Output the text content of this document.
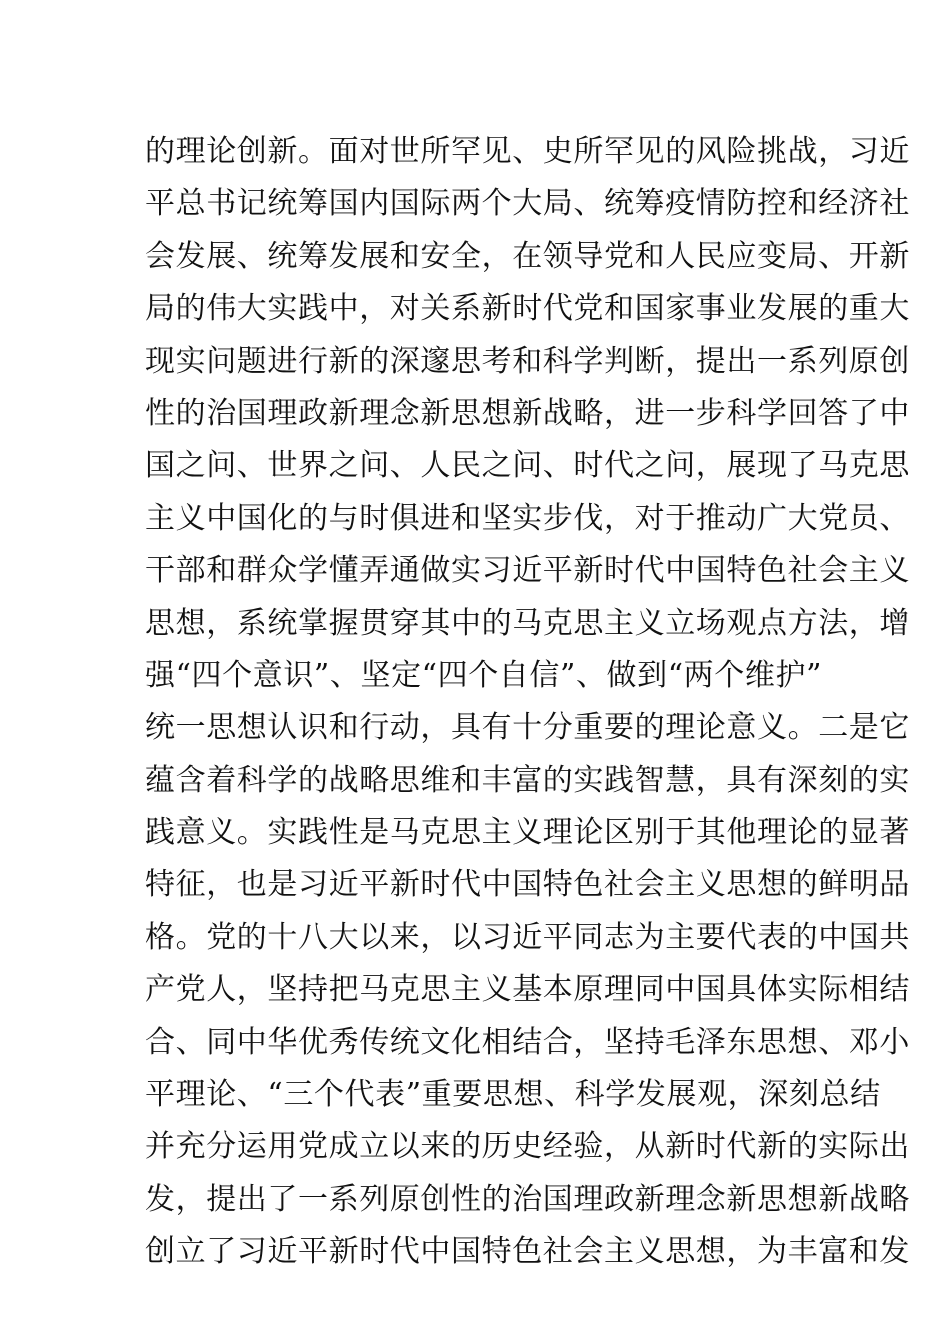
的理论创新。面对世所罕见、史所罕见的风险挑战，习近
平总书记统筹国内国际两个大局、统筹疫情防控和经济社
会发展、统筹发展和安全，在领导党和人民应变局、开新
局的伟大实践中，对关系新时代党和国家事业发展的重大
现实问题进行新的深邃思考和科学判断，提出一系列原创
性的治国理政新理念新思想新战略，进一步科学回答了中
国之问、世界之问、人民之问、时代之问，展现了马克思
主义中国化的与时俱进和坚实步伐，对于推动广大党员、
干部和群众学懂弄通做实习近平新时代中国特色社会主义
思想，系统掌握贯穿其中的马克思主义立场观点方法，增
强“四个意识”、坚定“四个自信”、做到“两个维护”
统一思想认识和行动，具有十分重要的理论意义。二是它
蕴含着科学的战略思维和丰富的实践智慧，具有深刻的实
践意义。实践性是马克思主义理论区别于其他理论的显著
特征，也是习近平新时代中国特色社会主义思想的鲜明品
格。党的十八大以来，以习近平同志为主要代表的中国共
产党人，坚持把马克思主义基本原理同中国具体实际相结
合、同中华优秀传统文化相结合，坚持毛泽东思想、邓小
平理论、“三个代表”重要思想、科学发展观，深刻总结
并充分运用党成立以来的历史经验，从新时代新的实际出
发，提出了一系列原创性的治国理政新理念新思想新战略
创立了习近平新时代中国特色社会主义思想，为丰富和发
